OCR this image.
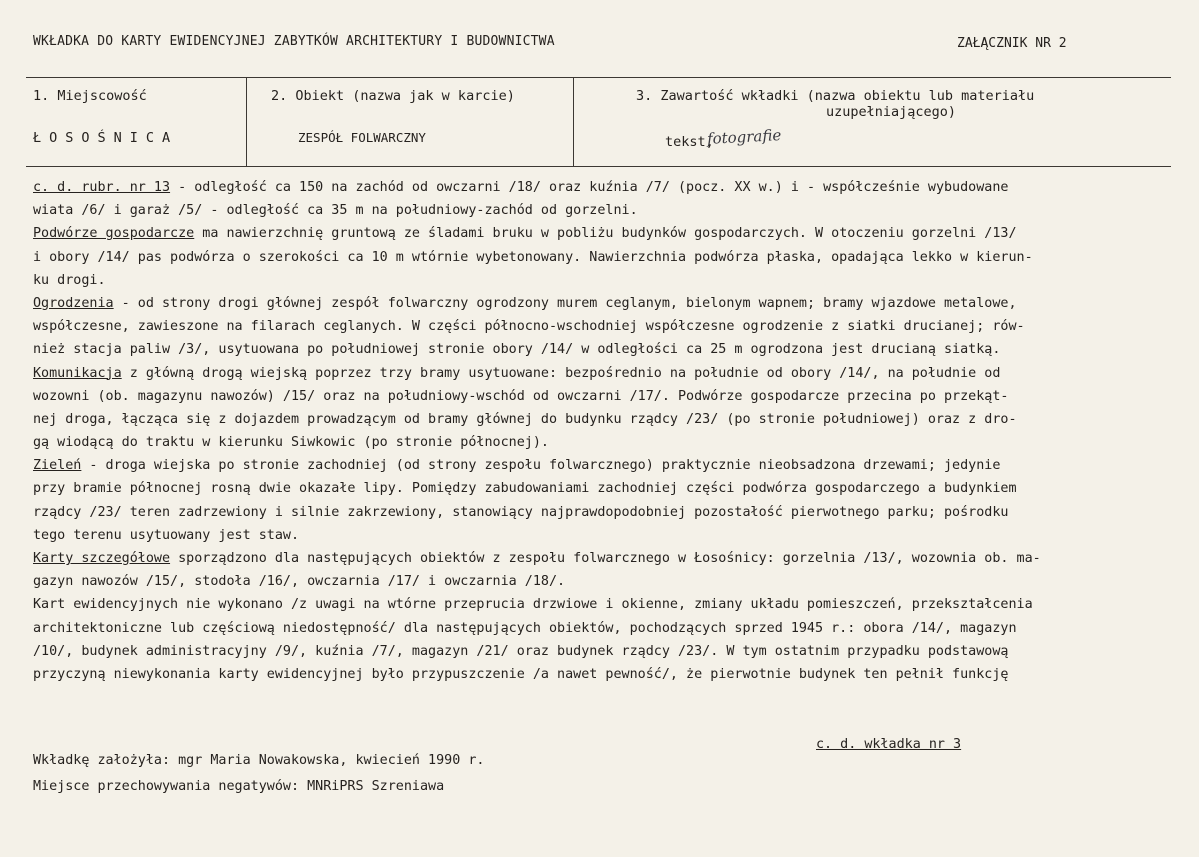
WKŁADKA DO KARTY EWIDENCYJNEJ ZABYTKÓW ARCHITEKTURY I BUDOWNICTWA	ZAŁĄCZNIK NR 2
1. Miejscowość
ŁOSOŚNICA
2. Obiekt (nazwa jak w karcie)
ZESPÓŁ FOLWARCZNY
3. Zawartość wkładki (nazwa obiektu lub materiału
uzupełniającego)
tekst,
fotografie
c. d. rubr. nr 13 - odległość ca 150 na zachód od owczarni /18/ oraz kuźnia /7/ (pocz. XX w.) i - współcześnie wybudowane
wiata /6/ i garaż /5/ - odległość ca 35 m na południowy-zachód od gorzelni.
Podwórze gospodarcze ma nawierzchnię gruntową ze śladami bruku w pobliżu budynków gospodarczych. W otoczeniu gorzelni /13/
i obory /14/ pas podwórza o szerokości ca 10 m wtórnie wybetonowany. Nawierzchnia podwórza płaska, opadająca lekko w kierun-
ku drogi.
Ogrodzenia - od strony drogi głównej zespół folwarczny ogrodzony murem ceglanym, bielonym wapnem; bramy wjazdowe metalowe,
współczesne, zawieszone na filarach ceglanych. W części północno-wschodniej współczesne ogrodzenie z siatki drucianej; rów-
nież stacja paliw /3/, usytuowana po południowej stronie obory /14/ w odległości ca 25 m ogrodzona jest drucianą siatką.
Komunikacja z główną drogą wiejską poprzez trzy bramy usytuowane: bezpośrednio na południe od obory /14/, na południe od
wozowni (ob. magazynu nawozów) /15/ oraz na południowy-wschód od owczarni /17/. Podwórze gospodarcze przecina po przekąt-
nej droga, łącząca się z dojazdem prowadzącym od bramy głównej do budynku rządcy /23/ (po stronie południowej) oraz z dro-
gą wiodącą do traktu w kierunku Siwkowic (po stronie północnej).
Zieleń - droga wiejska po stronie zachodniej (od strony zespołu folwarcznego) praktycznie nieobsadzona drzewami; jedynie
przy bramie północnej rosną dwie okazałe lipy. Pomiędzy zabudowaniami zachodniej części podwórza gospodarczego a budynkiem
rządcy /23/ teren zadrzewiony i silnie zakrzewiony, stanowiący najprawdopodobniej pozostałość pierwotnego parku; pośrodku
tego terenu usytuowany jest staw.
Karty szczegółowe sporządzono dla następujących obiektów z zespołu folwarcznego w Łosośnicy: gorzelnia /13/, wozownia ob. ma-
gazyn nawozów /15/, stodoła /16/, owczarnia /17/ i owczarnia /18/.
Kart ewidencyjnych nie wykonano /z uwagi na wtórne przeprucia drzwiowe i okienne, zmiany układu pomieszczeń, przekształcenia
architektoniczne lub częściową niedostępność/ dla następujących obiektów, pochodzących sprzed 1945 r.: obora /14/, magazyn
/10/, budynek administracyjny /9/, kuźnia /7/, magazyn /21/ oraz budynek rządcy /23/. W tym ostatnim przypadku podstawową
przyczyną niewykonania karty ewidencyjnej było przypuszczenie /a nawet pewność/, że pierwotnie budynek ten pełnił funkcję
c. d. wkładka nr 3
Wkładkę założyła: mgr Maria Nowakowska, kwiecień 1990 r.
Miejsce przechowywania negatywów: MNRiPRS Szreniawa
